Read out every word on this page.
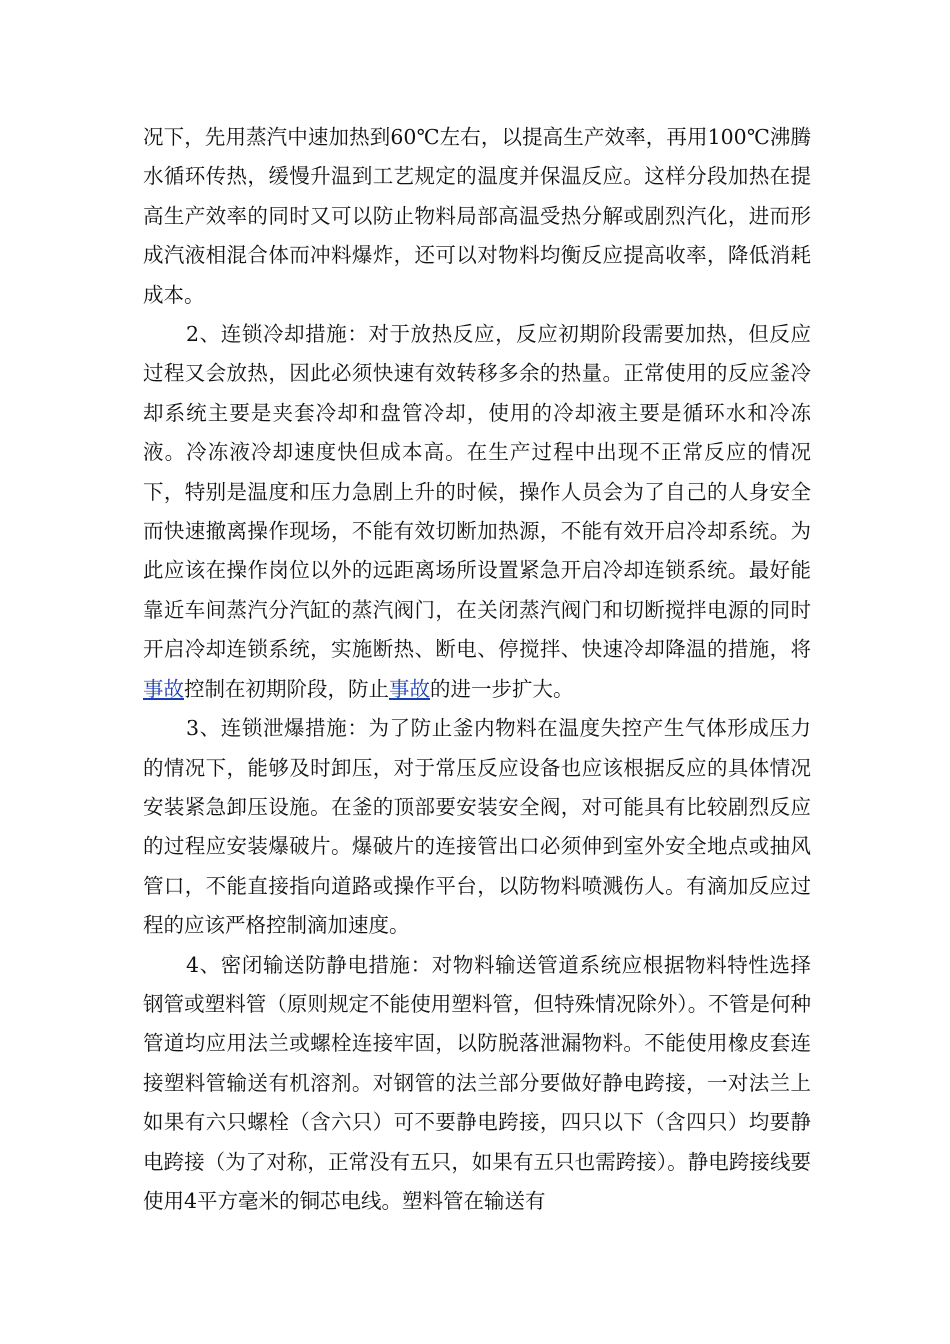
况下，先用蒸汽中速加热到60℃左右，以提高生产效率，再用100℃沸腾水循环传热，缓慢升温到工艺规定的温度并保温反应。这样分段加热在提高生产效率的同时又可以防止物料局部高温受热分解或剧烈汽化，进而形成汽液相混合体而冲料爆炸，还可以对物料均衡反应提高收率，降低消耗成本。

2、连锁冷却措施：对于放热反应，反应初期阶段需要加热，但反应过程又会放热，因此必须快速有效转移多余的热量。正常使用的反应釜冷却系统主要是夹套冷却和盘管冷却，使用的冷却液主要是循环水和冷冻液。冷冻液冷却速度快但成本高。在生产过程中出现不正常反应的情况下，特别是温度和压力急剧上升的时候，操作人员会为了自己的人身安全而快速撤离操作现场，不能有效切断加热源，不能有效开启冷却系统。为此应该在操作岗位以外的远距离场所设置紧急开启冷却连锁系统。最好能靠近车间蒸汽分汽缸的蒸汽阀门，在关闭蒸汽阀门和切断搅拌电源的同时开启冷却连锁系统，实施断热、断电、停搅拌、快速冷却降温的措施，将事故控制在初期阶段，防止事故的进一步扩大。

3、连锁泄爆措施：为了防止釜内物料在温度失控产生气体形成压力的情况下，能够及时卸压，对于常压反应设备也应该根据反应的具体情况安装紧急卸压设施。在釜的顶部要安装安全阀，对可能具有比较剧烈反应的过程应安装爆破片。爆破片的连接管出口必须伸到室外安全地点或抽风管口，不能直接指向道路或操作平台，以防物料喷溅伤人。有滴加反应过程的应该严格控制滴加速度。

4、密闭输送防静电措施：对物料输送管道系统应根据物料特性选择钢管或塑料管（原则规定不能使用塑料管，但特殊情况除外）。不管是何种管道均应用法兰或螺栓连接牢固，以防脱落泄漏物料。不能使用橡皮套连接塑料管输送有机溶剂。对钢管的法兰部分要做好静电跨接，一对法兰上如果有六只螺栓（含六只）可不要静电跨接，四只以下（含四只）均要静电跨接（为了对称，正常没有五只，如果有五只也需跨接）。静电跨接线要使用4平方毫米的铜芯电线。塑料管在输送有
